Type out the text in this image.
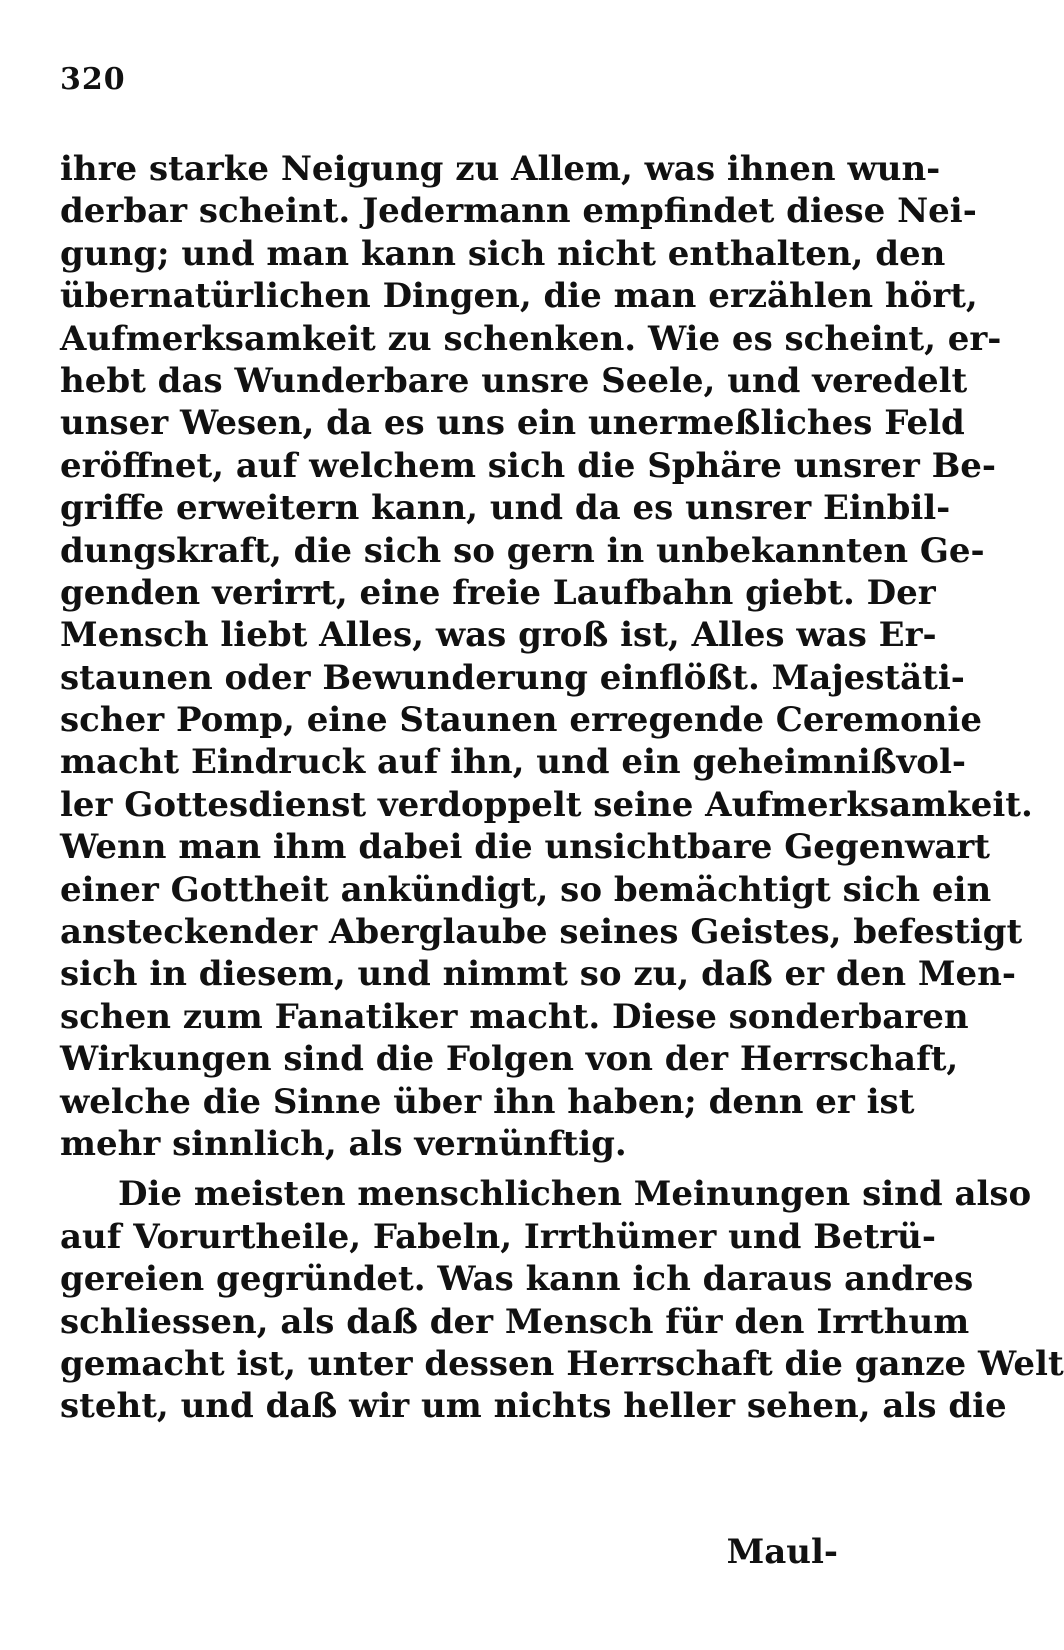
320
ihre starke Neigung zu Allem, was ihnen wun-
derbar scheint. Jedermann empfindet diese Nei-
gung; und man kann sich nicht enthalten, den
übernatürlichen Dingen, die man erzählen hört,
Aufmerksamkeit zu schenken. Wie es scheint, er-
hebt das Wunderbare unsre Seele, und veredelt
unser Wesen, da es uns ein unermeßliches Feld
eröffnet, auf welchem sich die Sphäre unsrer Be-
griffe erweitern kann, und da es unsrer Einbil-
dungskraft, die sich so gern in unbekannten Ge-
genden verirrt, eine freie Laufbahn giebt. Der
Mensch liebt Alles, was groß ist, Alles was Er-
staunen oder Bewunderung einflößt. Majestäti-
scher Pomp, eine Staunen erregende Ceremonie
macht Eindruck auf ihn, und ein geheimnißvol-
ler Gottesdienst verdoppelt seine Aufmerksamkeit.
Wenn man ihm dabei die unsichtbare Gegenwart
einer Gottheit ankündigt, so bemächtigt sich ein
ansteckender Aberglaube seines Geistes, befestigt
sich in diesem, und nimmt so zu, daß er den Men-
schen zum Fanatiker macht. Diese sonderbaren
Wirkungen sind die Folgen von der Herrschaft,
welche die Sinne über ihn haben; denn er ist
mehr sinnlich, als vernünftig.
Die meisten menschlichen Meinungen sind also
auf Vorurtheile, Fabeln, Irrthümer und Betrü-
gereien gegründet. Was kann ich daraus andres
schliessen, als daß der Mensch für den Irrthum
gemacht ist, unter dessen Herrschaft die ganze Welt
steht, und daß wir um nichts heller sehen, als die
Maul-
